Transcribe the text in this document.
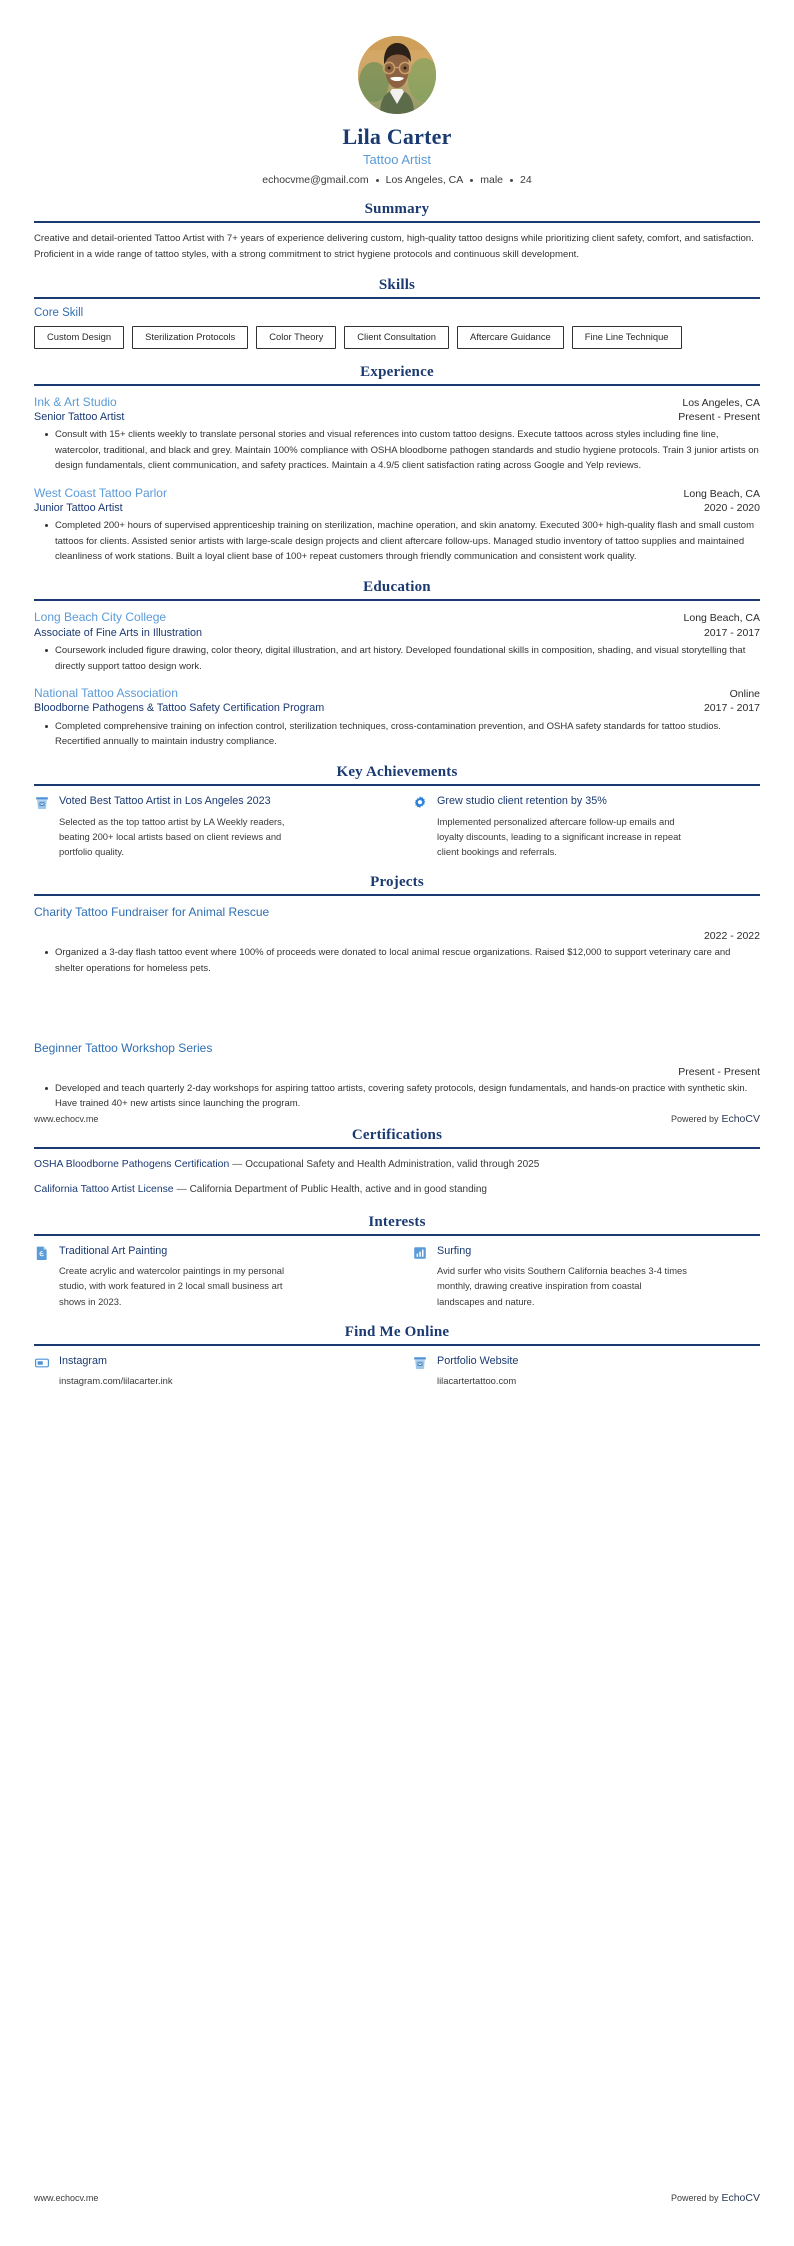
Lila Carter
Tattoo Artist
echocvme@gmail.com	Los Angeles, CA	male	24
Summary

Creative and detail-oriented Tattoo Artist with 7+ years of experience delivering custom, high-quality tattoo designs while prioritizing client safety, comfort, and satisfaction. Proficient in a wide range of tattoo styles, with a strong commitment to strict hygiene protocols and continuous skill development.

Skills
Core Skill
Custom Design	Sterilization Protocols	Color Theory	Client Consultation	Aftercare Guidance	Fine Line Technique
Experience
Ink & Art Studio	Los Angeles, CA
Senior Tattoo Artist	Present - Present
Consult with 15+ clients weekly to translate personal stories and visual references into custom tattoo designs. Execute tattoos across styles including fine line, watercolor, traditional, and black and grey. Maintain 100% compliance with OSHA bloodborne pathogen standards and studio hygiene protocols. Train 3 junior artists on design fundamentals, client communication, and safety practices. Maintain a 4.9/5 client satisfaction rating across Google and Yelp reviews.
West Coast Tattoo Parlor	Long Beach, CA
Junior Tattoo Artist	2020 - 2020
Completed 200+ hours of supervised apprenticeship training on sterilization, machine operation, and skin anatomy. Executed 300+ high-quality flash and small custom tattoos for clients. Assisted senior artists with large-scale design projects and client aftercare follow-ups. Managed studio inventory of tattoo supplies and maintained cleanliness of work stations. Built a loyal client base of 100+ repeat customers through friendly communication and consistent work quality.
Education
Long Beach City College	Long Beach, CA
Associate of Fine Arts in Illustration	2017 - 2017
Coursework included figure drawing, color theory, digital illustration, and art history. Developed foundational skills in composition, shading, and visual storytelling that directly support tattoo design work.
National Tattoo Association	Online
Bloodborne Pathogens & Tattoo Safety Certification Program	2017 - 2017
Completed comprehensive training on infection control, sterilization techniques, cross-contamination prevention, and OSHA safety standards for tattoo studios. Recertified annually to maintain industry compliance.
Key Achievements
Voted Best Tattoo Artist in Los Angeles 2023
Selected as the top tattoo artist by LA Weekly readers, beating 200+ local artists based on client reviews and portfolio quality.
Grew studio client retention by 35%
Implemented personalized aftercare follow-up emails and loyalty discounts, leading to a significant increase in repeat client bookings and referrals.
Projects
Charity Tattoo Fundraiser for Animal Rescue
2022 - 2022
Organized a 3-day flash tattoo event where 100% of proceeds were donated to local animal rescue organizations. Raised $12,000 to support veterinary care and shelter operations for homeless pets.
www.echocv.me	Powered by EchoCV
Beginner Tattoo Workshop Series
Present - Present
Developed and teach quarterly 2-day workshops for aspiring tattoo artists, covering safety protocols, design fundamentals, and hands-on practice with synthetic skin. Have trained 40+ new artists since launching the program.
Certifications
OSHA Bloodborne Pathogens Certification — Occupational Safety and Health Administration, valid through 2025
California Tattoo Artist License — California Department of Public Health, active and in good standing
Interests
Traditional Art Painting
Create acrylic and watercolor paintings in my personal studio, with work featured in 2 local small business art shows in 2023.
Surfing
Avid surfer who visits Southern California beaches 3-4 times monthly, drawing creative inspiration from coastal landscapes and nature.
Find Me Online
Instagram
instagram.com/lilacarter.ink
Portfolio Website
lilacartertattoo.com
www.echocv.me	Powered by EchoCV
